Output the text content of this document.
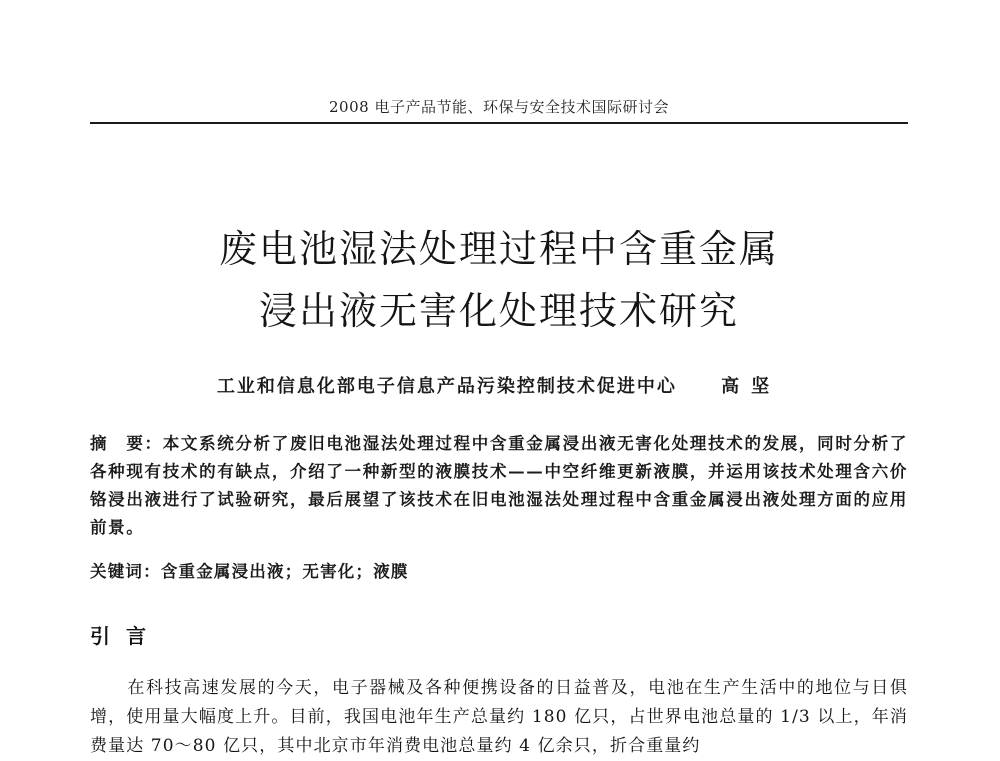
2008 电子产品节能、环保与安全技术国际研讨会
废电池湿法处理过程中含重金属
浸出液无害化处理技术研究
工业和信息化部电子信息产品污染控制技术促进中心 高坚
摘　要：本文系统分析了废旧电池湿法处理过程中含重金属浸出液无害化处理技术的发展，同时分析了各种现有技术的有缺点，介绍了一种新型的液膜技术——中空纤维更新液膜，并运用该技术处理含六价铬浸出液进行了试验研究，最后展望了该技术在旧电池湿法处理过程中含重金属浸出液处理方面的应用前景。
关键词：含重金属浸出液；无害化；液膜
引言
在科技高速发展的今天，电子器械及各种便携设备的日益普及，电池在生产生活中的地位与日俱增，使用量大幅度上升。目前，我国电池年生产总量约 180 亿只，占世界电池总量的 1/3 以上，年消费量达 70～80 亿只，其中北京市年消费电池总量约 4 亿余只，折合重量约
